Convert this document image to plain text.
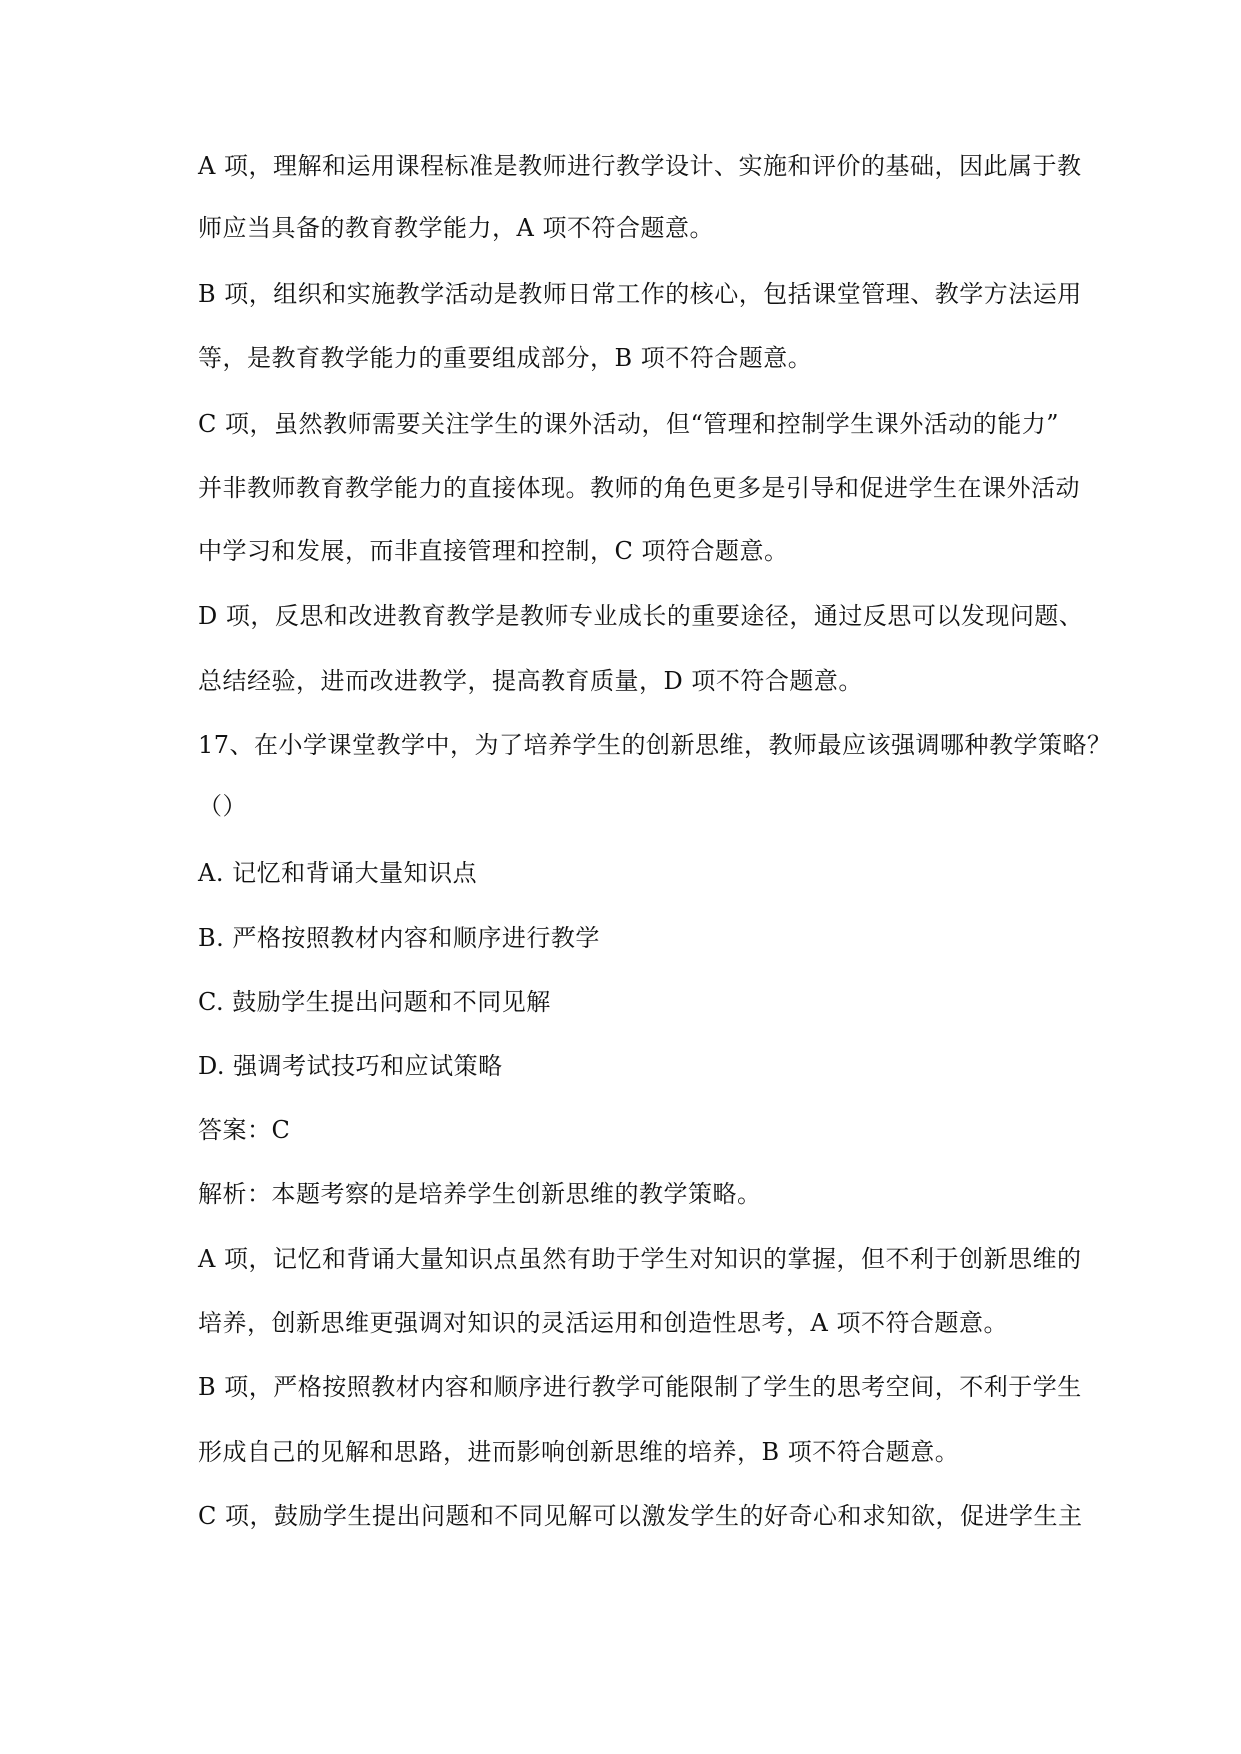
A 项，理解和运用课程标准是教师进行教学设计、实施和评价的基础，因此属于教
师应当具备的教育教学能力，A 项不符合题意。
B 项，组织和实施教学活动是教师日常工作的核心，包括课堂管理、教学方法运用
等，是教育教学能力的重要组成部分，B 项不符合题意。
C 项，虽然教师需要关注学生的课外活动，但“管理和控制学生课外活动的能力”
并非教师教育教学能力的直接体现。教师的角色更多是引导和促进学生在课外活动
中学习和发展，而非直接管理和控制，C 项符合题意。
D 项，反思和改进教育教学是教师专业成长的重要途径，通过反思可以发现问题、
总结经验，进而改进教学，提高教育质量，D 项不符合题意。
17、在小学课堂教学中，为了培养学生的创新思维，教师最应该强调哪种教学策略？
（）
A. 记忆和背诵大量知识点
B. 严格按照教材内容和顺序进行教学
C. 鼓励学生提出问题和不同见解
D. 强调考试技巧和应试策略
答案：C
解析：本题考察的是培养学生创新思维的教学策略。
A 项，记忆和背诵大量知识点虽然有助于学生对知识的掌握，但不利于创新思维的
培养，创新思维更强调对知识的灵活运用和创造性思考，A 项不符合题意。
B 项，严格按照教材内容和顺序进行教学可能限制了学生的思考空间，不利于学生
形成自己的见解和思路，进而影响创新思维的培养，B 项不符合题意。
C 项，鼓励学生提出问题和不同见解可以激发学生的好奇心和求知欲，促进学生主
